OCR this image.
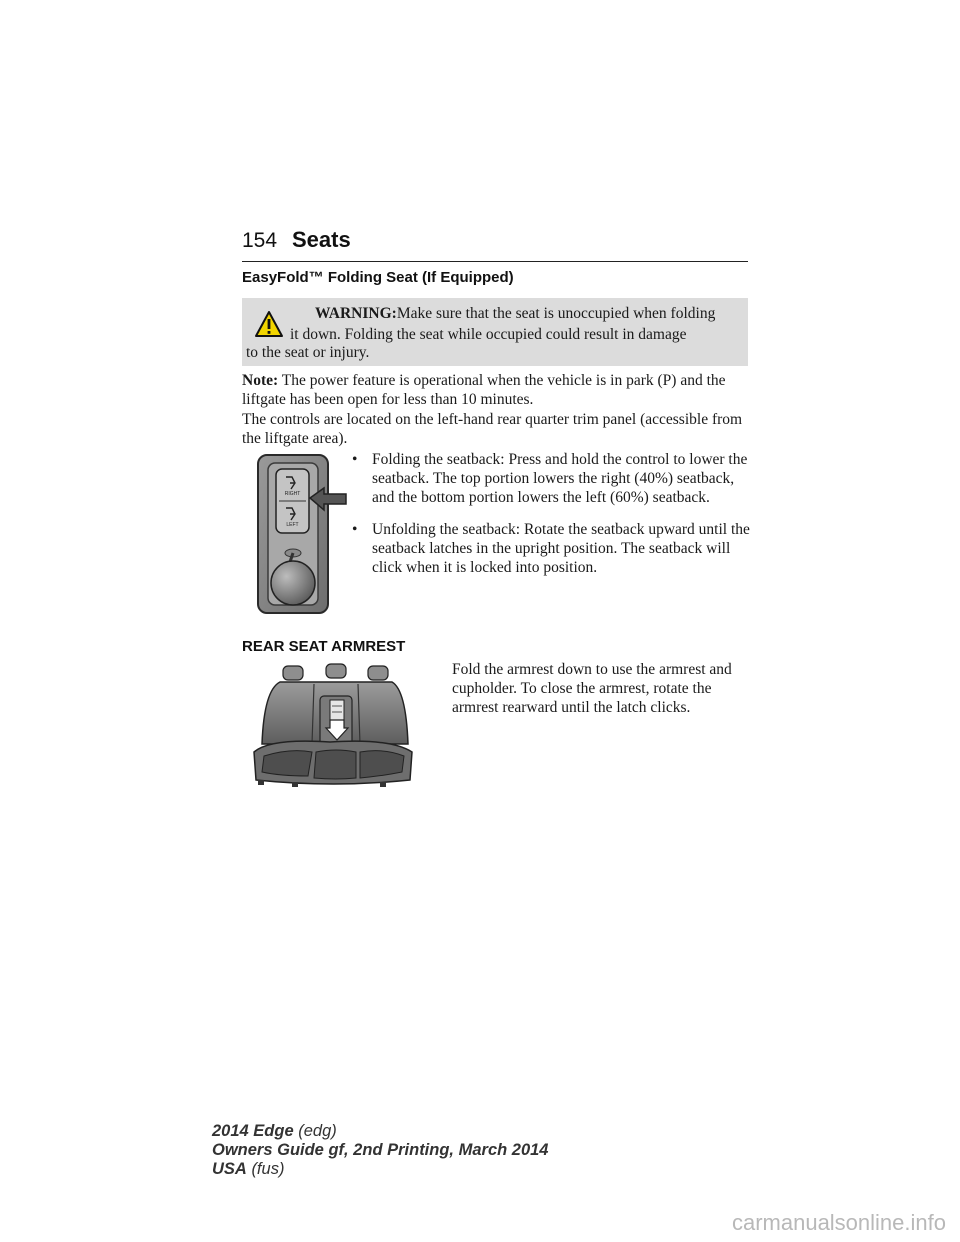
154 Seats
EasyFold™ Folding Seat (If Equipped)
WARNING:Make sure that the seat is unoccupied when folding
it down. Folding the seat while occupied could result in damage
to the seat or injury.
Note: The power feature is operational when the vehicle is in park (P) and the liftgate has been open for less than 10 minutes.
The controls are located on the left-hand rear quarter trim panel (accessible from the liftgate area).
RIGHT
LEFT
• Folding the seatback: Press and hold the control to lower the seatback. The top portion lowers the right (40%) seatback, and the bottom portion lowers the left (60%) seatback.
• Unfolding the seatback: Rotate the seatback upward until the seatback latches in the upright position. The seatback will click when it is locked into position.
REAR SEAT ARMREST
Fold the armrest down to use the armrest and cupholder. To close the armrest, rotate the armrest rearward until the latch clicks.
2014 Edge (edg)
Owners Guide gf, 2nd Printing, March 2014
USA (fus)
carmanualsonline.info
